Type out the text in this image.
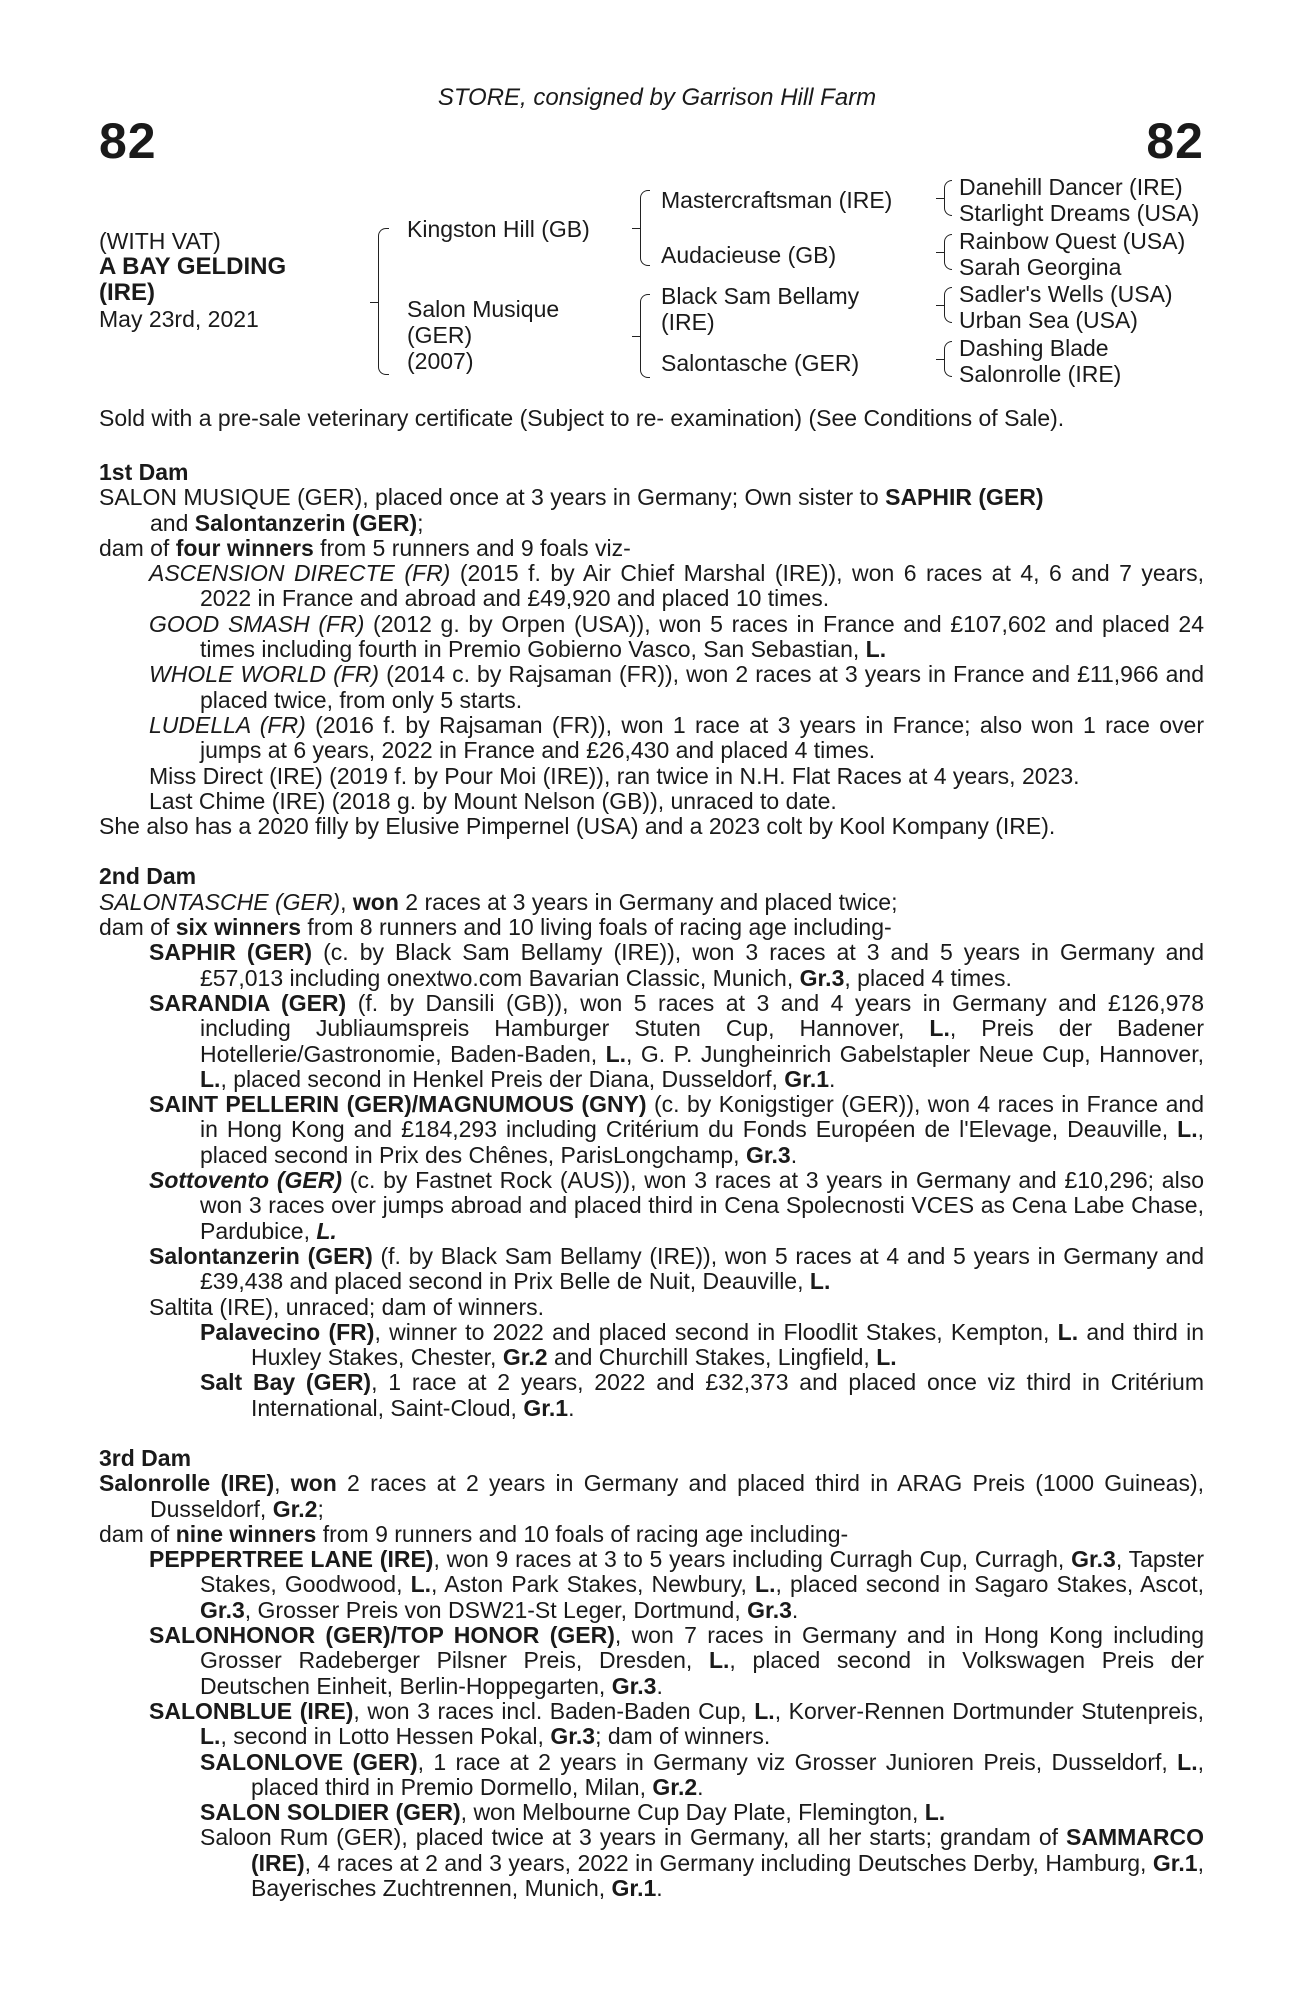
STORE, consigned by Garrison Hill Farm
82	82
(WITH VAT)
A BAY GELDING
(IRE)
May 23rd, 2021
Kingston Hill (GB)
Salon Musique
(GER)
(2007)
Mastercraftsman (IRE)
Audacieuse (GB)
Black Sam Bellamy
(IRE)
Salontasche (GER)
Danehill Dancer (IRE)
Starlight Dreams (USA)
Rainbow Quest (USA)
Sarah Georgina
Sadler's Wells (USA)
Urban Sea (USA)
Dashing Blade
Salonrolle (IRE)
Sold with a pre-sale veterinary certificate (Subject to re- examination) (See Conditions of Sale).

1st Dam

SALON MUSIQUE (GER), placed once at 3 years in Germany; Own sister to SAPHIR (GER)
and Salontanzerin (GER);

dam of four winners from 5 runners and 9 foals viz-

ASCENSION DIRECTE (FR) (2015 f. by Air Chief Marshal (IRE)), won 6 races at 4, 6 and 7 years, 2022 in France and abroad and £49,920 and placed 10 times.

GOOD SMASH (FR) (2012 g. by Orpen (USA)), won 5 races in France and £107,602 and placed 24 times including fourth in Premio Gobierno Vasco, San Sebastian, L.

WHOLE WORLD (FR) (2014 c. by Rajsaman (FR)), won 2 races at 3 years in France and £11,966 and placed twice, from only 5 starts.

LUDELLA (FR) (2016 f. by Rajsaman (FR)), won 1 race at 3 years in France; also won 1 race over jumps at 6 years, 2022 in France and £26,430 and placed 4 times.

Miss Direct (IRE) (2019 f. by Pour Moi (IRE)), ran twice in N.H. Flat Races at 4 years, 2023.

Last Chime (IRE) (2018 g. by Mount Nelson (GB)), unraced to date.

She also has a 2020 filly by Elusive Pimpernel (USA) and a 2023 colt by Kool Kompany (IRE).

2nd Dam

SALONTASCHE (GER), won 2 races at 3 years in Germany and placed twice;

dam of six winners from 8 runners and 10 living foals of racing age including-

SAPHIR (GER) (c. by Black Sam Bellamy (IRE)), won 3 races at 3 and 5 years in Germany and £57,013 including onextwo.com Bavarian Classic, Munich, Gr.3, placed 4 times.

SARANDIA (GER) (f. by Dansili (GB)), won 5 races at 3 and 4 years in Germany and £126,978 including Jubliaumspreis Hamburger Stuten Cup, Hannover, L., Preis der Badener Hotellerie/Gastronomie, Baden-Baden, L., G. P. Jungheinrich Gabelstapler Neue Cup, Hannover, L., placed second in Henkel Preis der Diana, Dusseldorf, Gr.1.

SAINT PELLERIN (GER)/MAGNUMOUS (GNY) (c. by Konigstiger (GER)), won 4 races in France and in Hong Kong and £184,293 including Critérium du Fonds Européen de l'Elevage, Deauville, L., placed second in Prix des Chênes, ParisLongchamp, Gr.3.

Sottovento (GER) (c. by Fastnet Rock (AUS)), won 3 races at 3 years in Germany and £10,296; also won 3 races over jumps abroad and placed third in Cena Spolecnosti VCES as Cena Labe Chase, Pardubice, L.

Salontanzerin (GER) (f. by Black Sam Bellamy (IRE)), won 5 races at 4 and 5 years in Germany and £39,438 and placed second in Prix Belle de Nuit, Deauville, L.

Saltita (IRE), unraced; dam of winners.

Palavecino (FR), winner to 2022 and placed second in Floodlit Stakes, Kempton, L. and third in Huxley Stakes, Chester, Gr.2 and Churchill Stakes, Lingfield, L.

Salt Bay (GER), 1 race at 2 years, 2022 and £32,373 and placed once viz third in Critérium International, Saint-Cloud, Gr.1.

3rd Dam

Salonrolle (IRE), won 2 races at 2 years in Germany and placed third in ARAG Preis (1000 Guineas), Dusseldorf, Gr.2;

dam of nine winners from 9 runners and 10 foals of racing age including-

PEPPERTREE LANE (IRE), won 9 races at 3 to 5 years including Curragh Cup, Curragh, Gr.3, Tapster Stakes, Goodwood, L., Aston Park Stakes, Newbury, L., placed second in Sagaro Stakes, Ascot, Gr.3, Grosser Preis von DSW21-St Leger, Dortmund, Gr.3.

SALONHONOR (GER)/TOP HONOR (GER), won 7 races in Germany and in Hong Kong including Grosser Radeberger Pilsner Preis, Dresden, L., placed second in Volkswagen Preis der Deutschen Einheit, Berlin-Hoppegarten, Gr.3.

SALONBLUE (IRE), won 3 races incl. Baden-Baden Cup, L., Korver-Rennen Dortmunder Stutenpreis, L., second in Lotto Hessen Pokal, Gr.3; dam of winners.

SALONLOVE (GER), 1 race at 2 years in Germany viz Grosser Junioren Preis, Dusseldorf, L., placed third in Premio Dormello, Milan, Gr.2.

SALON SOLDIER (GER), won Melbourne Cup Day Plate, Flemington, L.

Saloon Rum (GER), placed twice at 3 years in Germany, all her starts; grandam of SAMMARCO (IRE), 4 races at 2 and 3 years, 2022 in Germany including Deutsches Derby, Hamburg, Gr.1, Bayerisches Zuchtrennen, Munich, Gr.1.
